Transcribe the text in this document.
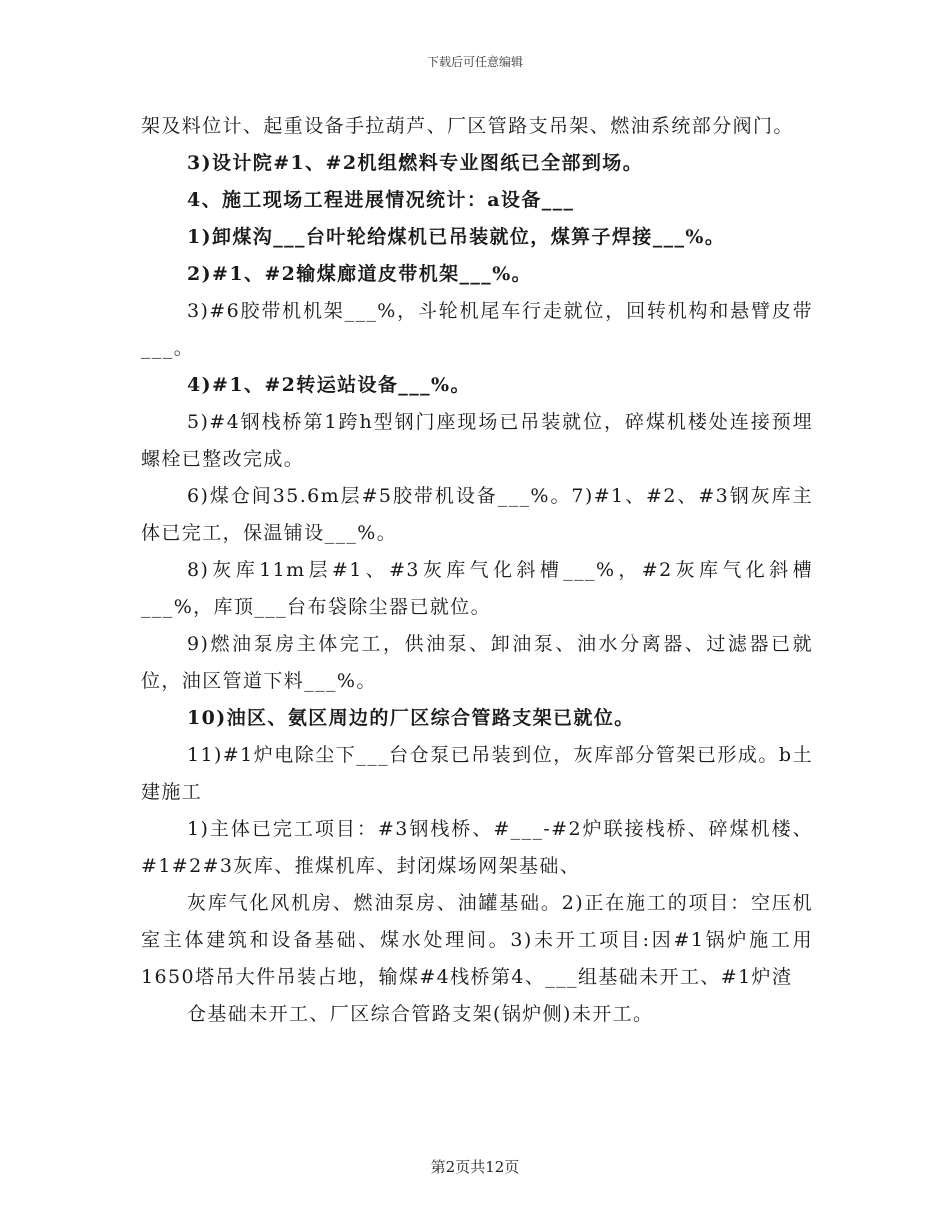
下载后可任意编辑

架及料位计、起重设备手拉葫芦、厂区管路支吊架、燃油系统部分阀门。

3)设计院#1、#2机组燃料专业图纸已全部到场。

4、施工现场工程进展情况统计：a设备___

1)卸煤沟___台叶轮给煤机已吊装就位，煤箅子焊接___%。

2)#1、#2输煤廊道皮带机架___%。

3)#6胶带机机架___%，斗轮机尾车行走就位，回转机构和悬臂皮带___。

4)#1、#2转运站设备___%。

5)#4钢栈桥第1跨h型钢门座现场已吊装就位，碎煤机楼处连接预埋螺栓已整改完成。

6)煤仓间35.6m层#5胶带机设备___%。7)#1、#2、#3钢灰库主体已完工，保温铺设___%。

8)灰库11m层#1、#3灰库气化斜槽___%，#2灰库气化斜槽___%，库顶___台布袋除尘器已就位。

9)燃油泵房主体完工，供油泵、卸油泵、油水分离器、过滤器已就位，油区管道下料___%。

10)油区、氨区周边的厂区综合管路支架已就位。

11)#1炉电除尘下___台仓泵已吊装到位，灰库部分管架已形成。b土建施工

1)主体已完工项目：#3钢栈桥、#___-#2炉联接栈桥、碎煤机楼、#1#2#3灰库、推煤机库、封闭煤场网架基础、

灰库气化风机房、燃油泵房、油罐基础。2)正在施工的项目：空压机室主体建筑和设备基础、煤水处理间。3)未开工项目:因#1锅炉施工用1650塔吊大件吊装占地，输煤#4栈桥第4、___组基础未开工、#1炉渣

仓基础未开工、厂区综合管路支架(锅炉侧)未开工。

第2页共12页
